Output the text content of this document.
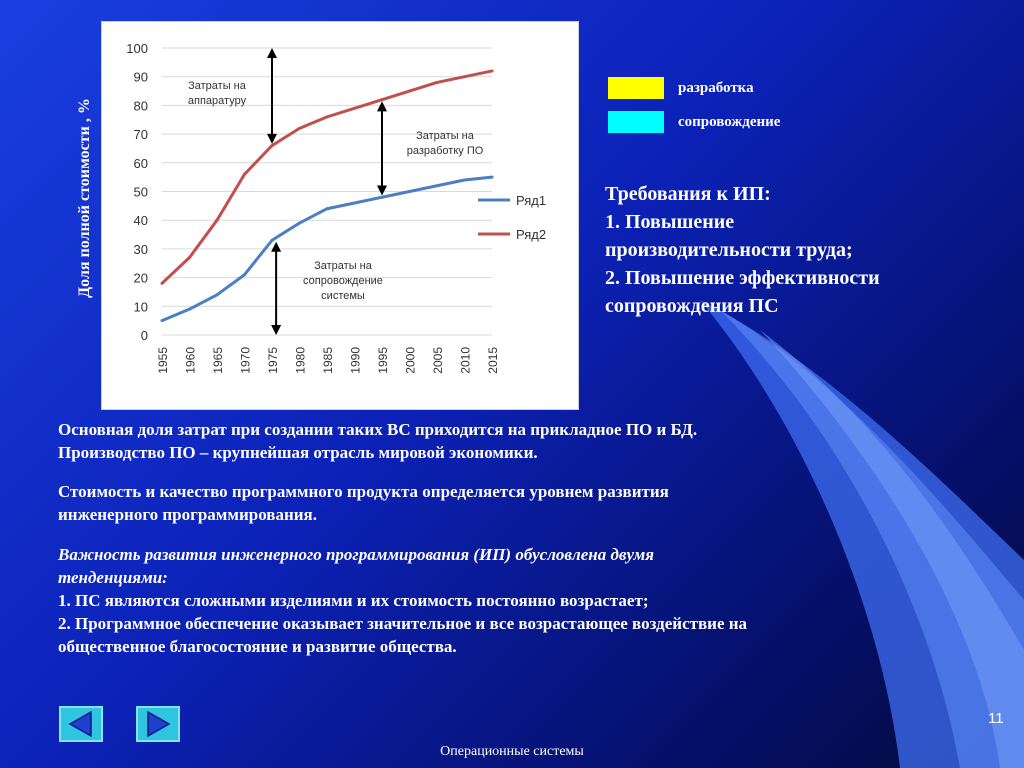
0
10
20
30
40
50
60
70
80
90
100
1955 1960 1965 1970 1975 1980 1985 1990 1995 2000 2005 2010 2015
Ряд1
Ряд2
Затраты на
аппаратуру
Затраты на
разработку ПО
Затраты на
сопровождение
системы
Доля полной стоимости , %
разработка
сопровождение
Требования к ИП:
1. Повышение
производительности труда;
2. Повышение эффективности
сопровождения ПС
Основная доля затрат при создании таких ВС приходится на прикладное ПО и БД.
Производство ПО – крупнейшая отрасль мировой экономики.
Стоимость и качество программного продукта определяется уровнем развития
инженерного программирования.
Важность развития инженерного программирования (ИП) обусловлена двумя
тенденциями:
1. ПС являются сложными изделиями и их стоимость постоянно возрастает;
2. Программное обеспечение оказывает значительное и все возрастающее воздействие на
общественное благосостояние и развитие общества.
11
Операционные системы
